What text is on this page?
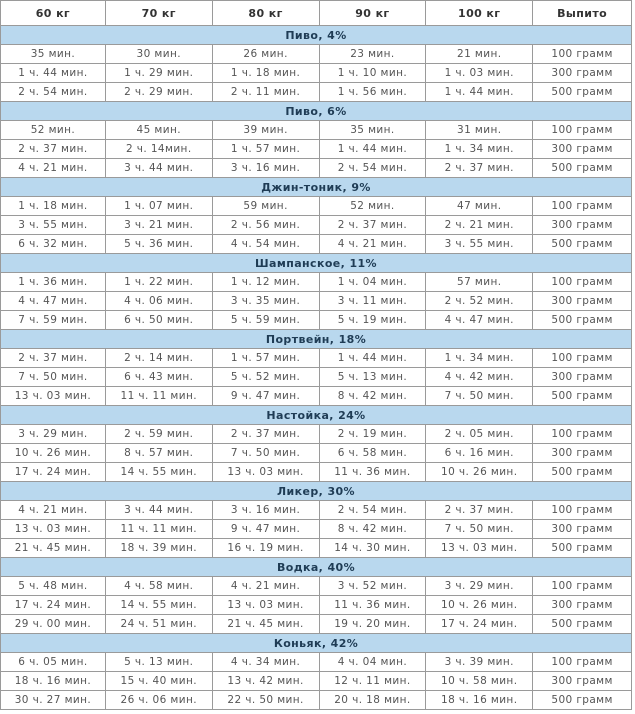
60 кг	70 кг	80 кг	90 кг	100 кг	Выпито
Пиво, 4%					
35 мин.	30 мин.	26 мин.	23 мин.	21 мин.	100 грамм
1 ч. 44 мин.	1 ч. 29 мин.	1 ч. 18 мин.	1 ч. 10 мин.	1 ч. 03 мин.	300 грамм
2 ч. 54 мин.	2 ч. 29 мин.	2 ч. 11 мин.	1 ч. 56 мин.	1 ч. 44 мин.	500 грамм
Пиво, 6%					
52 мин.	45 мин.	39 мин.	35 мин.	31 мин.	100 грамм
2 ч. 37 мин.	2 ч. 14мин.	1 ч. 57 мин.	1 ч. 44 мин.	1 ч. 34 мин.	300 грамм
4 ч. 21 мин.	3 ч. 44 мин.	3 ч. 16 мин.	2 ч. 54 мин.	2 ч. 37 мин.	500 грамм
Джин-тоник, 9%					
1 ч. 18 мин.	1 ч. 07 мин.	59 мин.	52 мин.	47 мин.	100 грамм
3 ч. 55 мин.	3 ч. 21 мин.	2 ч. 56 мин.	2 ч. 37 мин.	2 ч. 21 мин.	300 грамм
6 ч. 32 мин.	5 ч. 36 мин.	4 ч. 54 мин.	4 ч. 21 мин.	3 ч. 55 мин.	500 грамм
Шампанское, 11%					
1 ч. 36 мин.	1 ч. 22 мин.	1 ч. 12 мин.	1 ч. 04 мин.	57 мин.	100 грамм
4 ч. 47 мин.	4 ч. 06 мин.	3 ч. 35 мин.	3 ч. 11 мин.	2 ч. 52 мин.	300 грамм
7 ч. 59 мин.	6 ч. 50 мин.	5 ч. 59 мин.	5 ч. 19 мин.	4 ч. 47 мин.	500 грамм
Портвейн, 18%					
2 ч. 37 мин.	2 ч. 14 мин.	1 ч. 57 мин.	1 ч. 44 мин.	1 ч. 34 мин.	100 грамм
7 ч. 50 мин.	6 ч. 43 мин.	5 ч. 52 мин.	5 ч. 13 мин.	4 ч. 42 мин.	300 грамм
13 ч. 03 мин.	11 ч. 11 мин.	9 ч. 47 мин.	8 ч. 42 мин.	7 ч. 50 мин.	500 грамм
Настойка, 24%					
3 ч. 29 мин.	2 ч. 59 мин.	2 ч. 37 мин.	2 ч. 19 мин.	2 ч. 05 мин.	100 грамм
10 ч. 26 мин.	8 ч. 57 мин.	7 ч. 50 мин.	6 ч. 58 мин.	6 ч. 16 мин.	300 грамм
17 ч. 24 мин.	14 ч. 55 мин.	13 ч. 03 мин.	11 ч. 36 мин.	10 ч. 26 мин.	500 грамм
Ликер, 30%					
4 ч. 21 мин.	3 ч. 44 мин.	3 ч. 16 мин.	2 ч. 54 мин.	2 ч. 37 мин.	100 грамм
13 ч. 03 мин.	11 ч. 11 мин.	9 ч. 47 мин.	8 ч. 42 мин.	7 ч. 50 мин.	300 грамм
21 ч. 45 мин.	18 ч. 39 мин.	16 ч. 19 мин.	14 ч. 30 мин.	13 ч. 03 мин.	500 грамм
Водка, 40%					
5 ч. 48 мин.	4 ч. 58 мин.	4 ч. 21 мин.	3 ч. 52 мин.	3 ч. 29 мин.	100 грамм
17 ч. 24 мин.	14 ч. 55 мин.	13 ч. 03 мин.	11 ч. 36 мин.	10 ч. 26 мин.	300 грамм
29 ч. 00 мин.	24 ч. 51 мин.	21 ч. 45 мин.	19 ч. 20 мин.	17 ч. 24 мин.	500 грамм
Коньяк, 42%					
6 ч. 05 мин.	5 ч. 13 мин.	4 ч. 34 мин.	4 ч. 04 мин.	3 ч. 39 мин.	100 грамм
18 ч. 16 мин.	15 ч. 40 мин.	13 ч. 42 мин.	12 ч. 11 мин.	10 ч. 58 мин.	300 грамм
30 ч. 27 мин.	26 ч. 06 мин.	22 ч. 50 мин.	20 ч. 18 мин.	18 ч. 16 мин.	500 грамм
